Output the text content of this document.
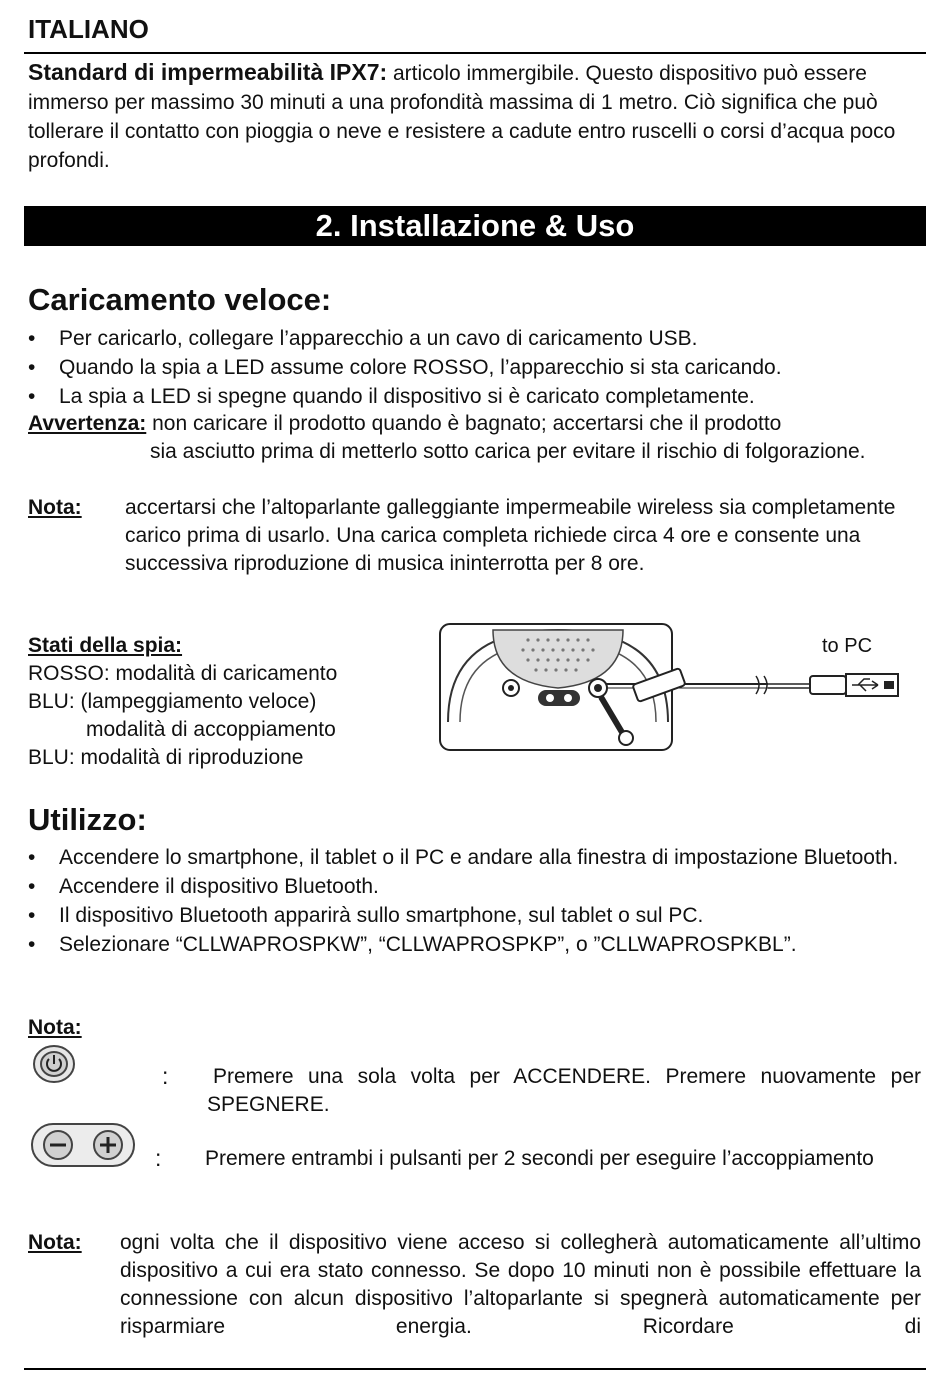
ITALIANO
Standard di impermeabilità IPX7: articolo immergibile. Questo dispositivo può essere immerso per massimo 30 minuti a una profondità massima di 1 metro. Ciò significa che può tollerare il contatto con pioggia o neve e resistere a cadute entro ruscelli o corsi d’acqua poco profondi.
2. Installazione & Uso
Caricamento veloce:
• Per caricarlo, collegare l’apparecchio a un cavo di caricamento USB.
• Quando la spia a LED assume colore ROSSO, l’apparecchio si sta caricando.
• La spia a LED si spegne quando il dispositivo si è caricato completamente.
Avvertenza: non caricare il prodotto quando è bagnato; accertarsi che il prodotto
sia asciutto prima di metterlo sotto carica per evitare il rischio di folgorazione.
Nota: accertarsi che l’altoparlante galleggiante impermeabile wireless sia completamente carico prima di usarlo. Una carica completa richiede circa 4 ore e consente una successiva riproduzione di musica ininterrotta per 8 ore.
Stati della spia:
ROSSO: modalità di caricamento
BLU: (lampeggiamento veloce)
modalità di accoppiamento
BLU: modalità di riproduzione
to PC
Utilizzo:
• Accendere lo smartphone, il tablet o il PC e andare alla finestra di impostazione Bluetooth.
• Accendere il dispositivo Bluetooth.
• Il dispositivo Bluetooth apparirà sullo smartphone, sul tablet o sul PC.
• Selezionare “CLLWAPROSPKW”, “CLLWAPROSPKP”, o ”CLLWAPROSPKBL”.
Nota:
: Premere una sola volta per ACCENDERE. Premere nuovamente per SPEGNERE.
: Premere entrambi i pulsanti per 2 secondi per eseguire l’accoppiamento
Nota: ogni volta che il dispositivo viene acceso si collegherà automaticamente all’ultimo dispositivo a cui era stato connesso. Se dopo 10 minuti non è possibile effettuare la connessione con alcun dispositivo l’altoparlante si spegnerà automaticamente per risparmiare energia. Ricordare di
